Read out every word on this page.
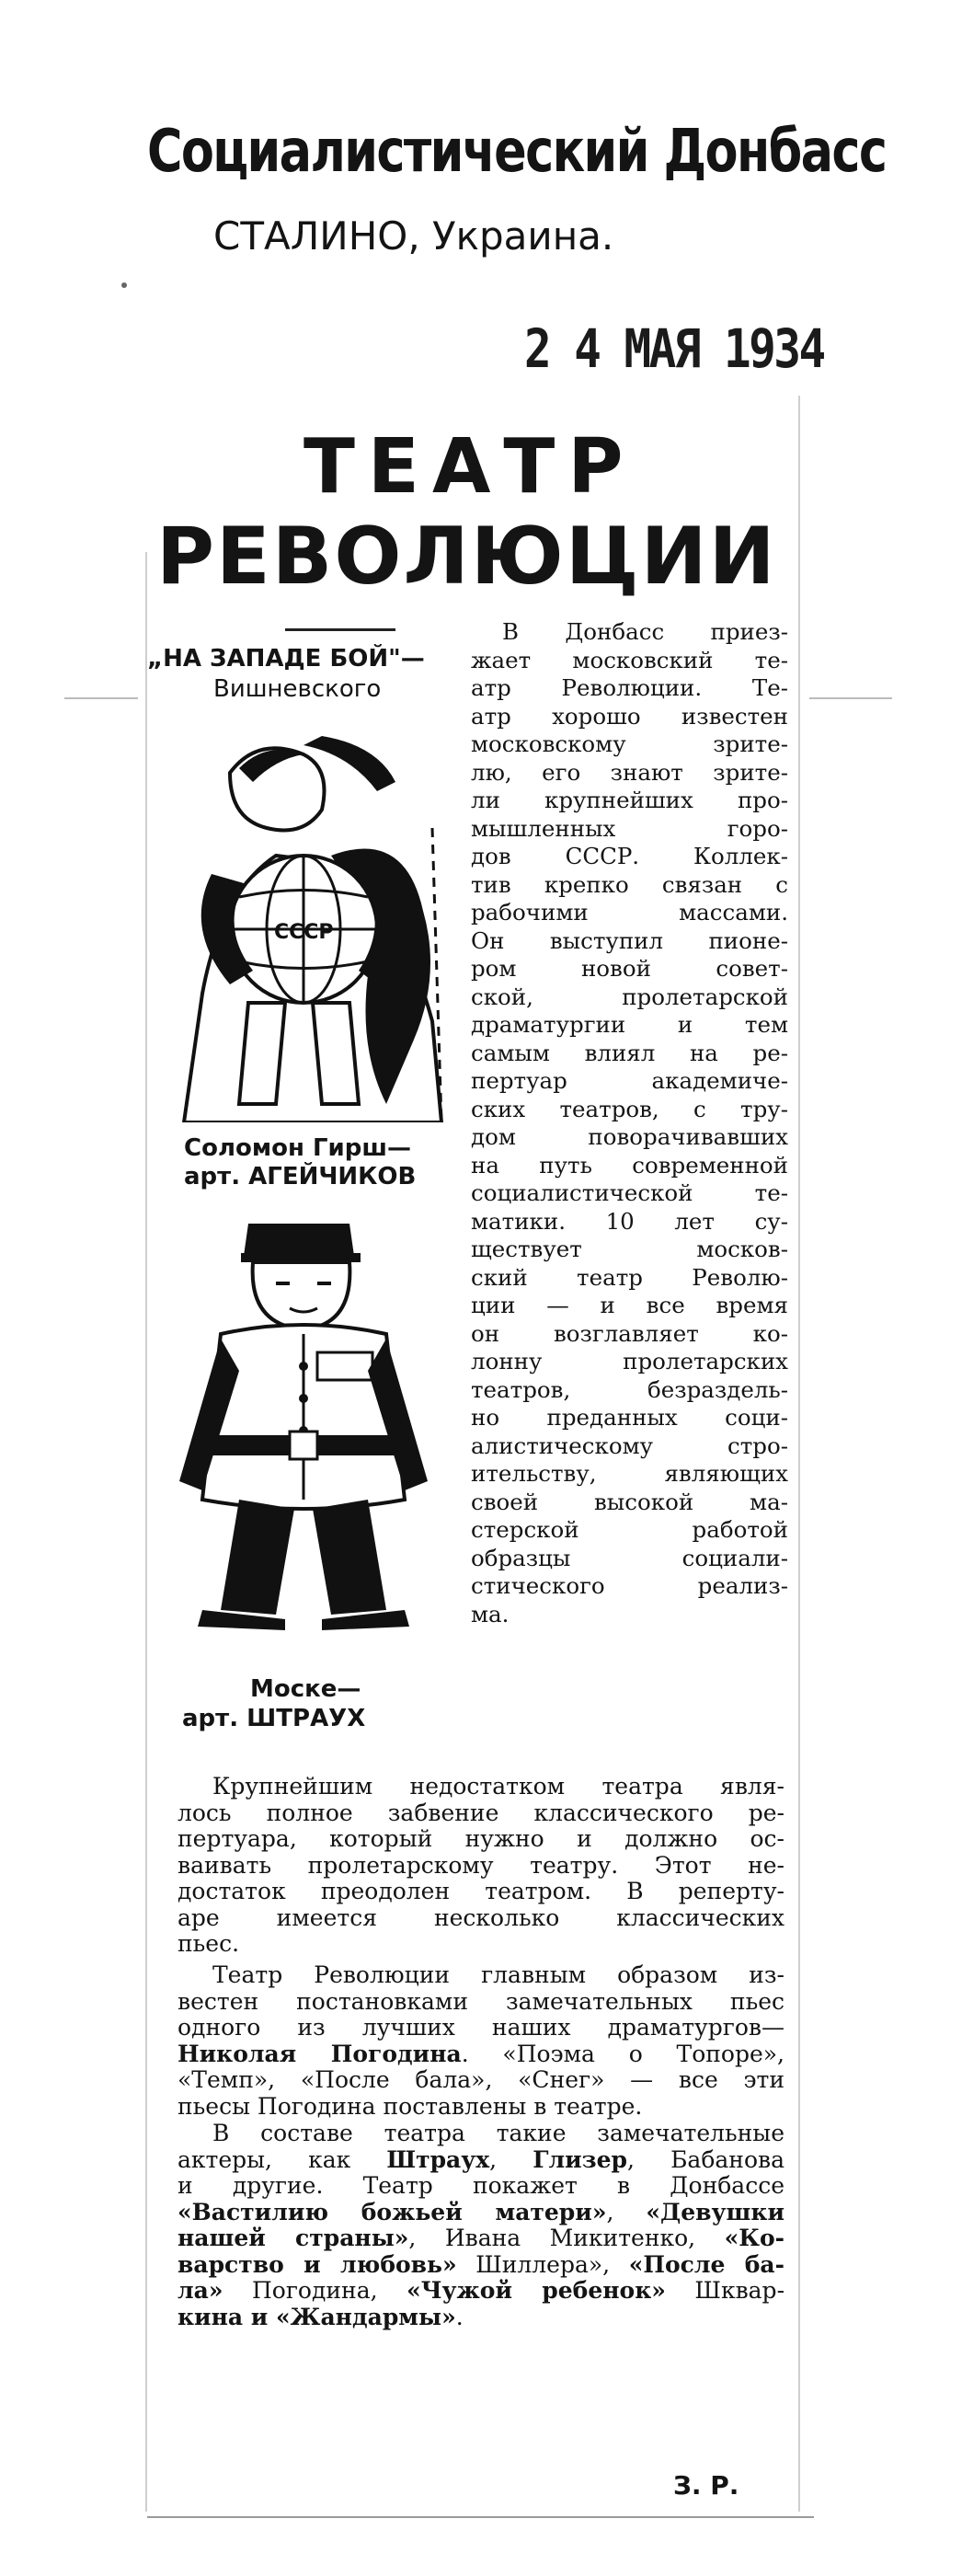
Социалистический Донбасс
СТАЛИНО, Украина.
2 4 МАЯ 1934
ТЕАТР
РЕВОЛЮЦИИ
„НА ЗАПАДЕ БОЙ"—
Вишневского
СССР
Соломон Гирш—
арт. АГЕЙЧИКОВ
Моске—
арт. ШТРАУХ
В Донбасс приез-
жает московский те-
атр Революции. Те-
атр хорошо известен
московскому зрите-
лю, его знают зрите-
ли крупнейших про-
мышленных горо-
дов СССР. Коллек-
тив крепко связан с
рабочими массами.
Он выступил пионе-
ром новой совет-
ской, пролетарской
драматургии и тем
самым влиял на ре-
пертуар академиче-
ских театров, с тру-
дом поворачивавших
на путь современной
социалистической те-
матики. 10 лет су-
ществует москов-
ский театр Револю-
ции — и все время
он возглавляет ко-
лонну пролетарских
театров, безраздель-
но преданных соци-
алистическому стро-
ительству, являющих
своей высокой ма-
стерской работой
образцы социали-
стического реализ-
ма.
Крупнейшим недостатком театра явля-
лось полное забвение классического ре-
пертуара, который нужно и должно ос-
ваивать пролетарскому театру. Этот не-
достаток преодолен театром. В реперту-
аре имеется несколько классических
пьес.
Театр Революции главным образом из-
вестен постановками замечательных пьес
одного из лучших наших драматургов—
Николая Погодина. «Поэма о Топоре»,
«Темп», «После бала», «Снег» — все эти
пьесы Погодина поставлены в театре.
В составе театра такие замечательные
актеры, как Штраух, Глизер, Бабанова
и другие. Театр покажет в Донбассе
«Вастилию божьей матери», «Девушки
нашей страны», Ивана Микитенко, «Ко-
варство и любовь» Шиллера», «После ба-
ла» Погодина, «Чужой ребенок» Шквар-
кина и «Жандармы».
З. Р.
